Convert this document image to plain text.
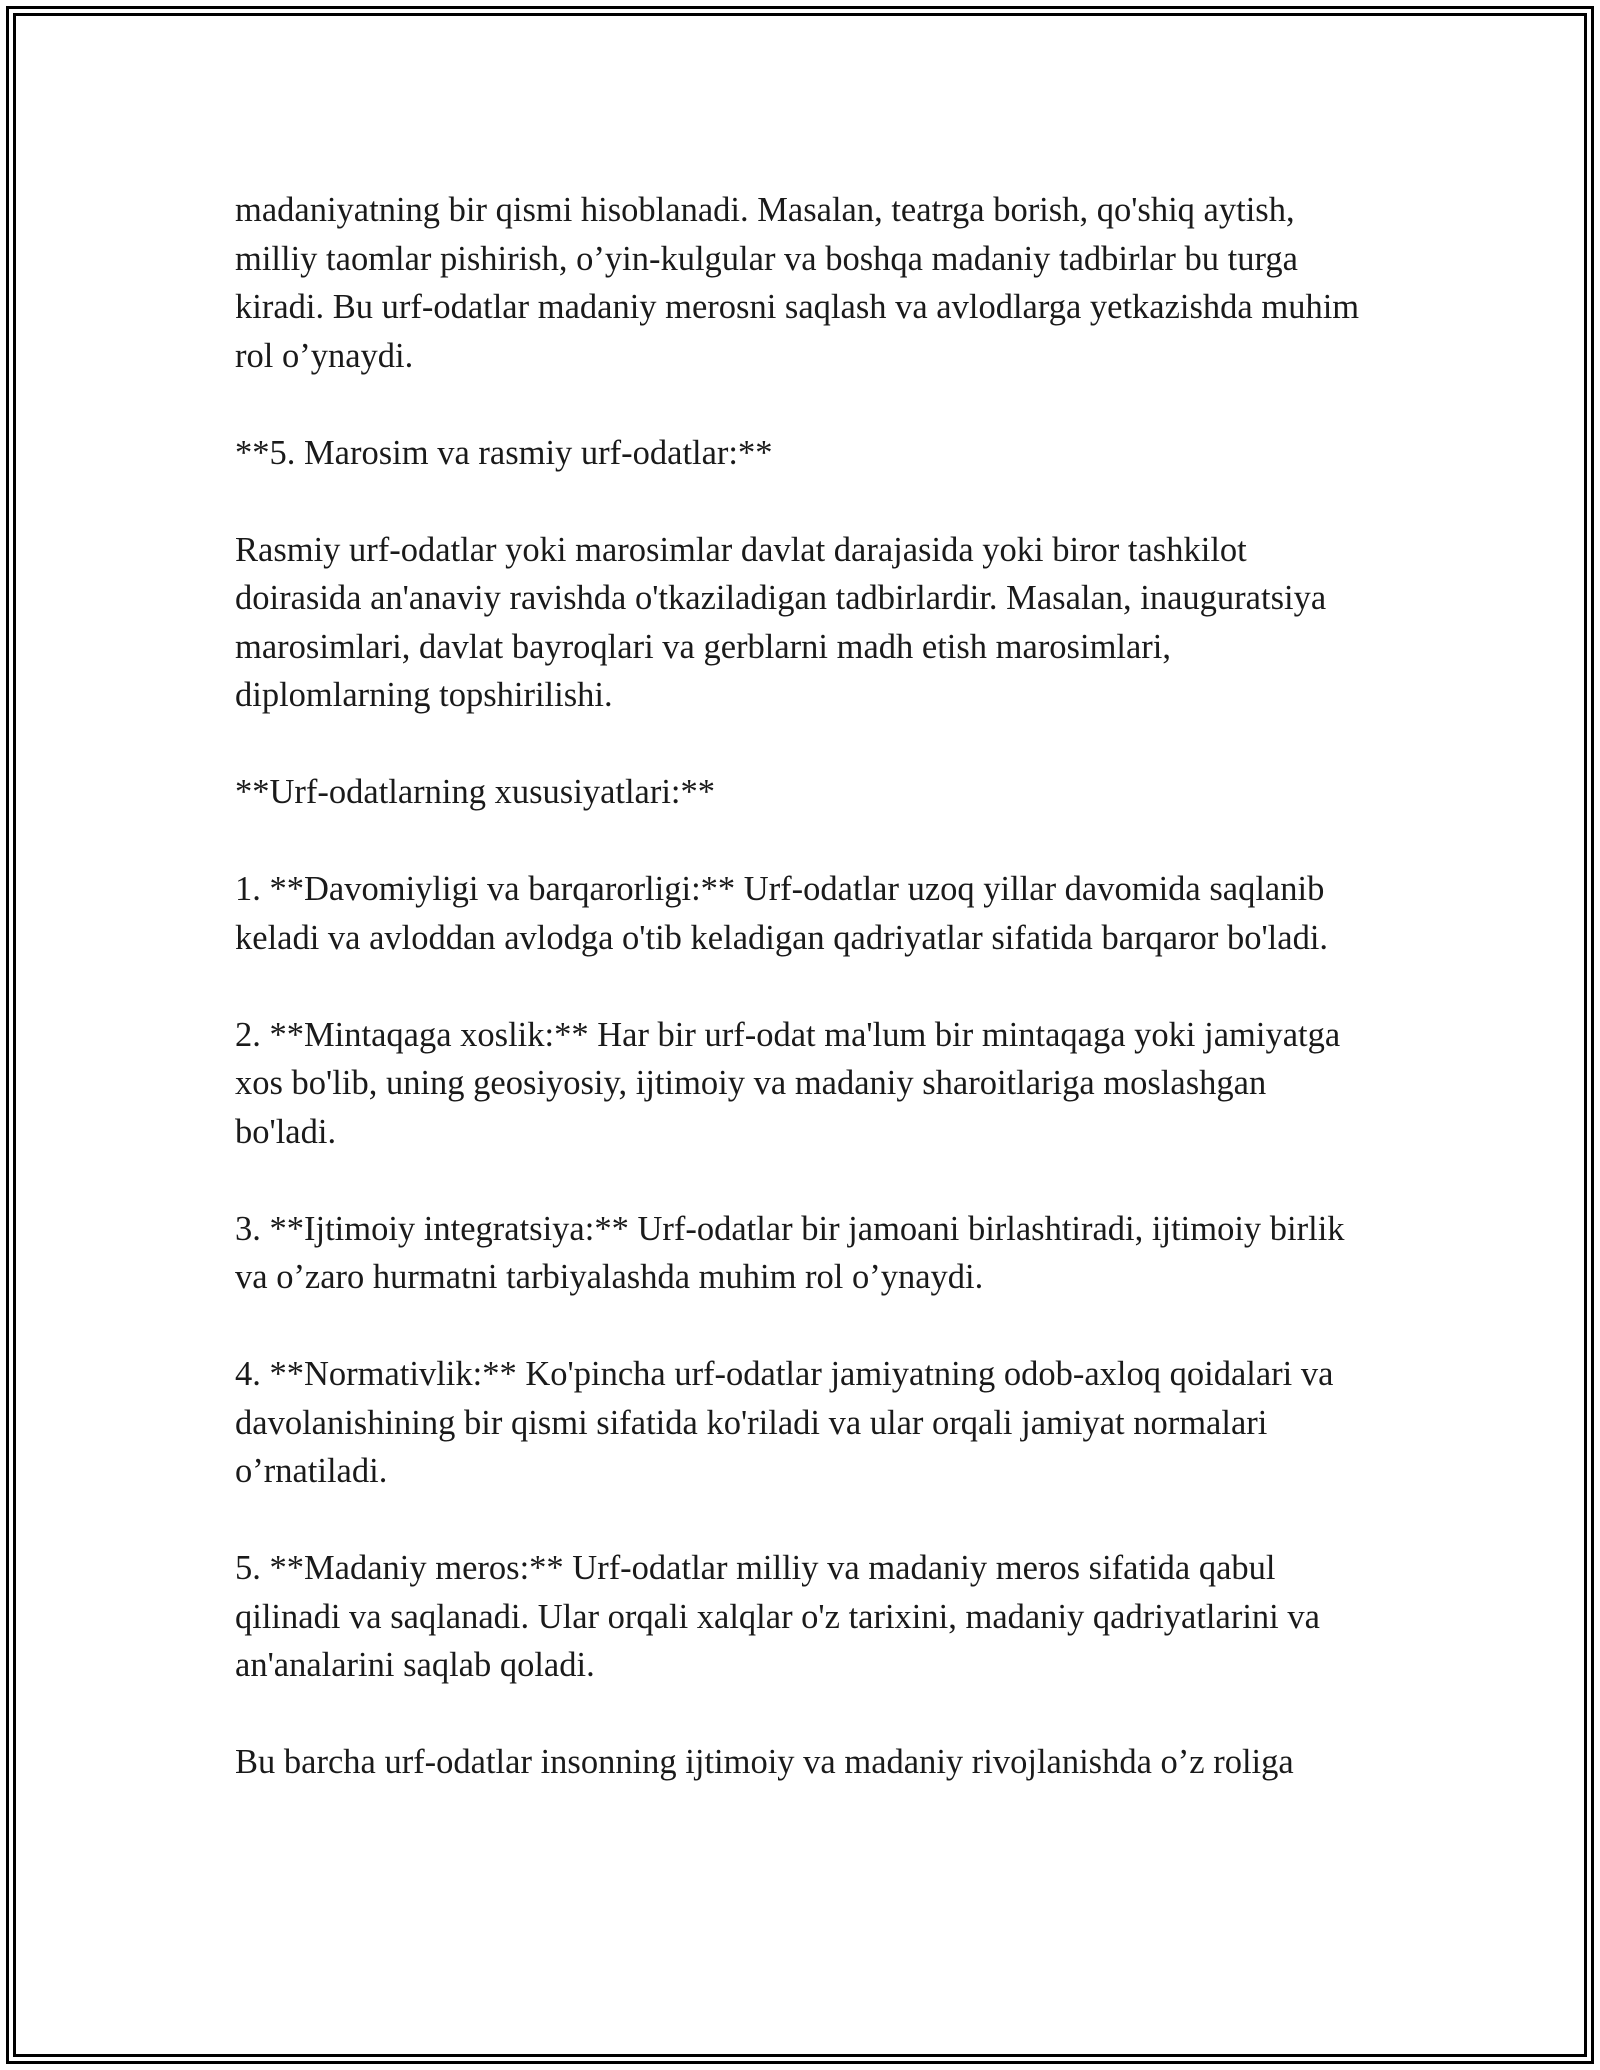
madaniyatning bir qismi hisoblanadi. Masalan, teatrga borish, qo'shiq aytish, milliy taomlar pishirish, o’yin-kulgular va boshqa madaniy tadbirlar bu turga kiradi. Bu urf-odatlar madaniy merosni saqlash va avlodlarga yetkazishda muhim rol o’ynaydi.

**5. Marosim va rasmiy urf-odatlar:**

Rasmiy urf-odatlar yoki marosimlar davlat darajasida yoki biror tashkilot doirasida an'anaviy ravishda o'tkaziladigan tadbirlardir. Masalan, inauguratsiya marosimlari, davlat bayroqlari va gerblarni madh etish marosimlari, diplomlarning topshirilishi.

**Urf-odatlarning xususiyatlari:**

1. **Davomiyligi va barqarorligi:** Urf-odatlar uzoq yillar davomida saqlanib keladi va avloddan avlodga o'tib keladigan qadriyatlar sifatida barqaror bo'ladi.

2. **Mintaqaga xoslik:** Har bir urf-odat ma'lum bir mintaqaga yoki jamiyatga xos bo'lib, uning geosiyosiy, ijtimoiy va madaniy sharoitlariga moslashgan bo'ladi.

3. **Ijtimoiy integratsiya:** Urf-odatlar bir jamoani birlashtiradi, ijtimoiy birlik va o’zaro hurmatni tarbiyalashda muhim rol o’ynaydi.

4. **Normativlik:** Ko'pincha urf-odatlar jamiyatning odob-axloq qoidalari va davolanishining bir qismi sifatida ko'riladi va ular orqali jamiyat normalari o’rnatiladi.

5. **Madaniy meros:** Urf-odatlar milliy va madaniy meros sifatida qabul qilinadi va saqlanadi. Ular orqali xalqlar o'z tarixini, madaniy qadriyatlarini va an'analarini saqlab qoladi.

Bu barcha urf-odatlar insonning ijtimoiy va madaniy rivojlanishda o’z roliga
